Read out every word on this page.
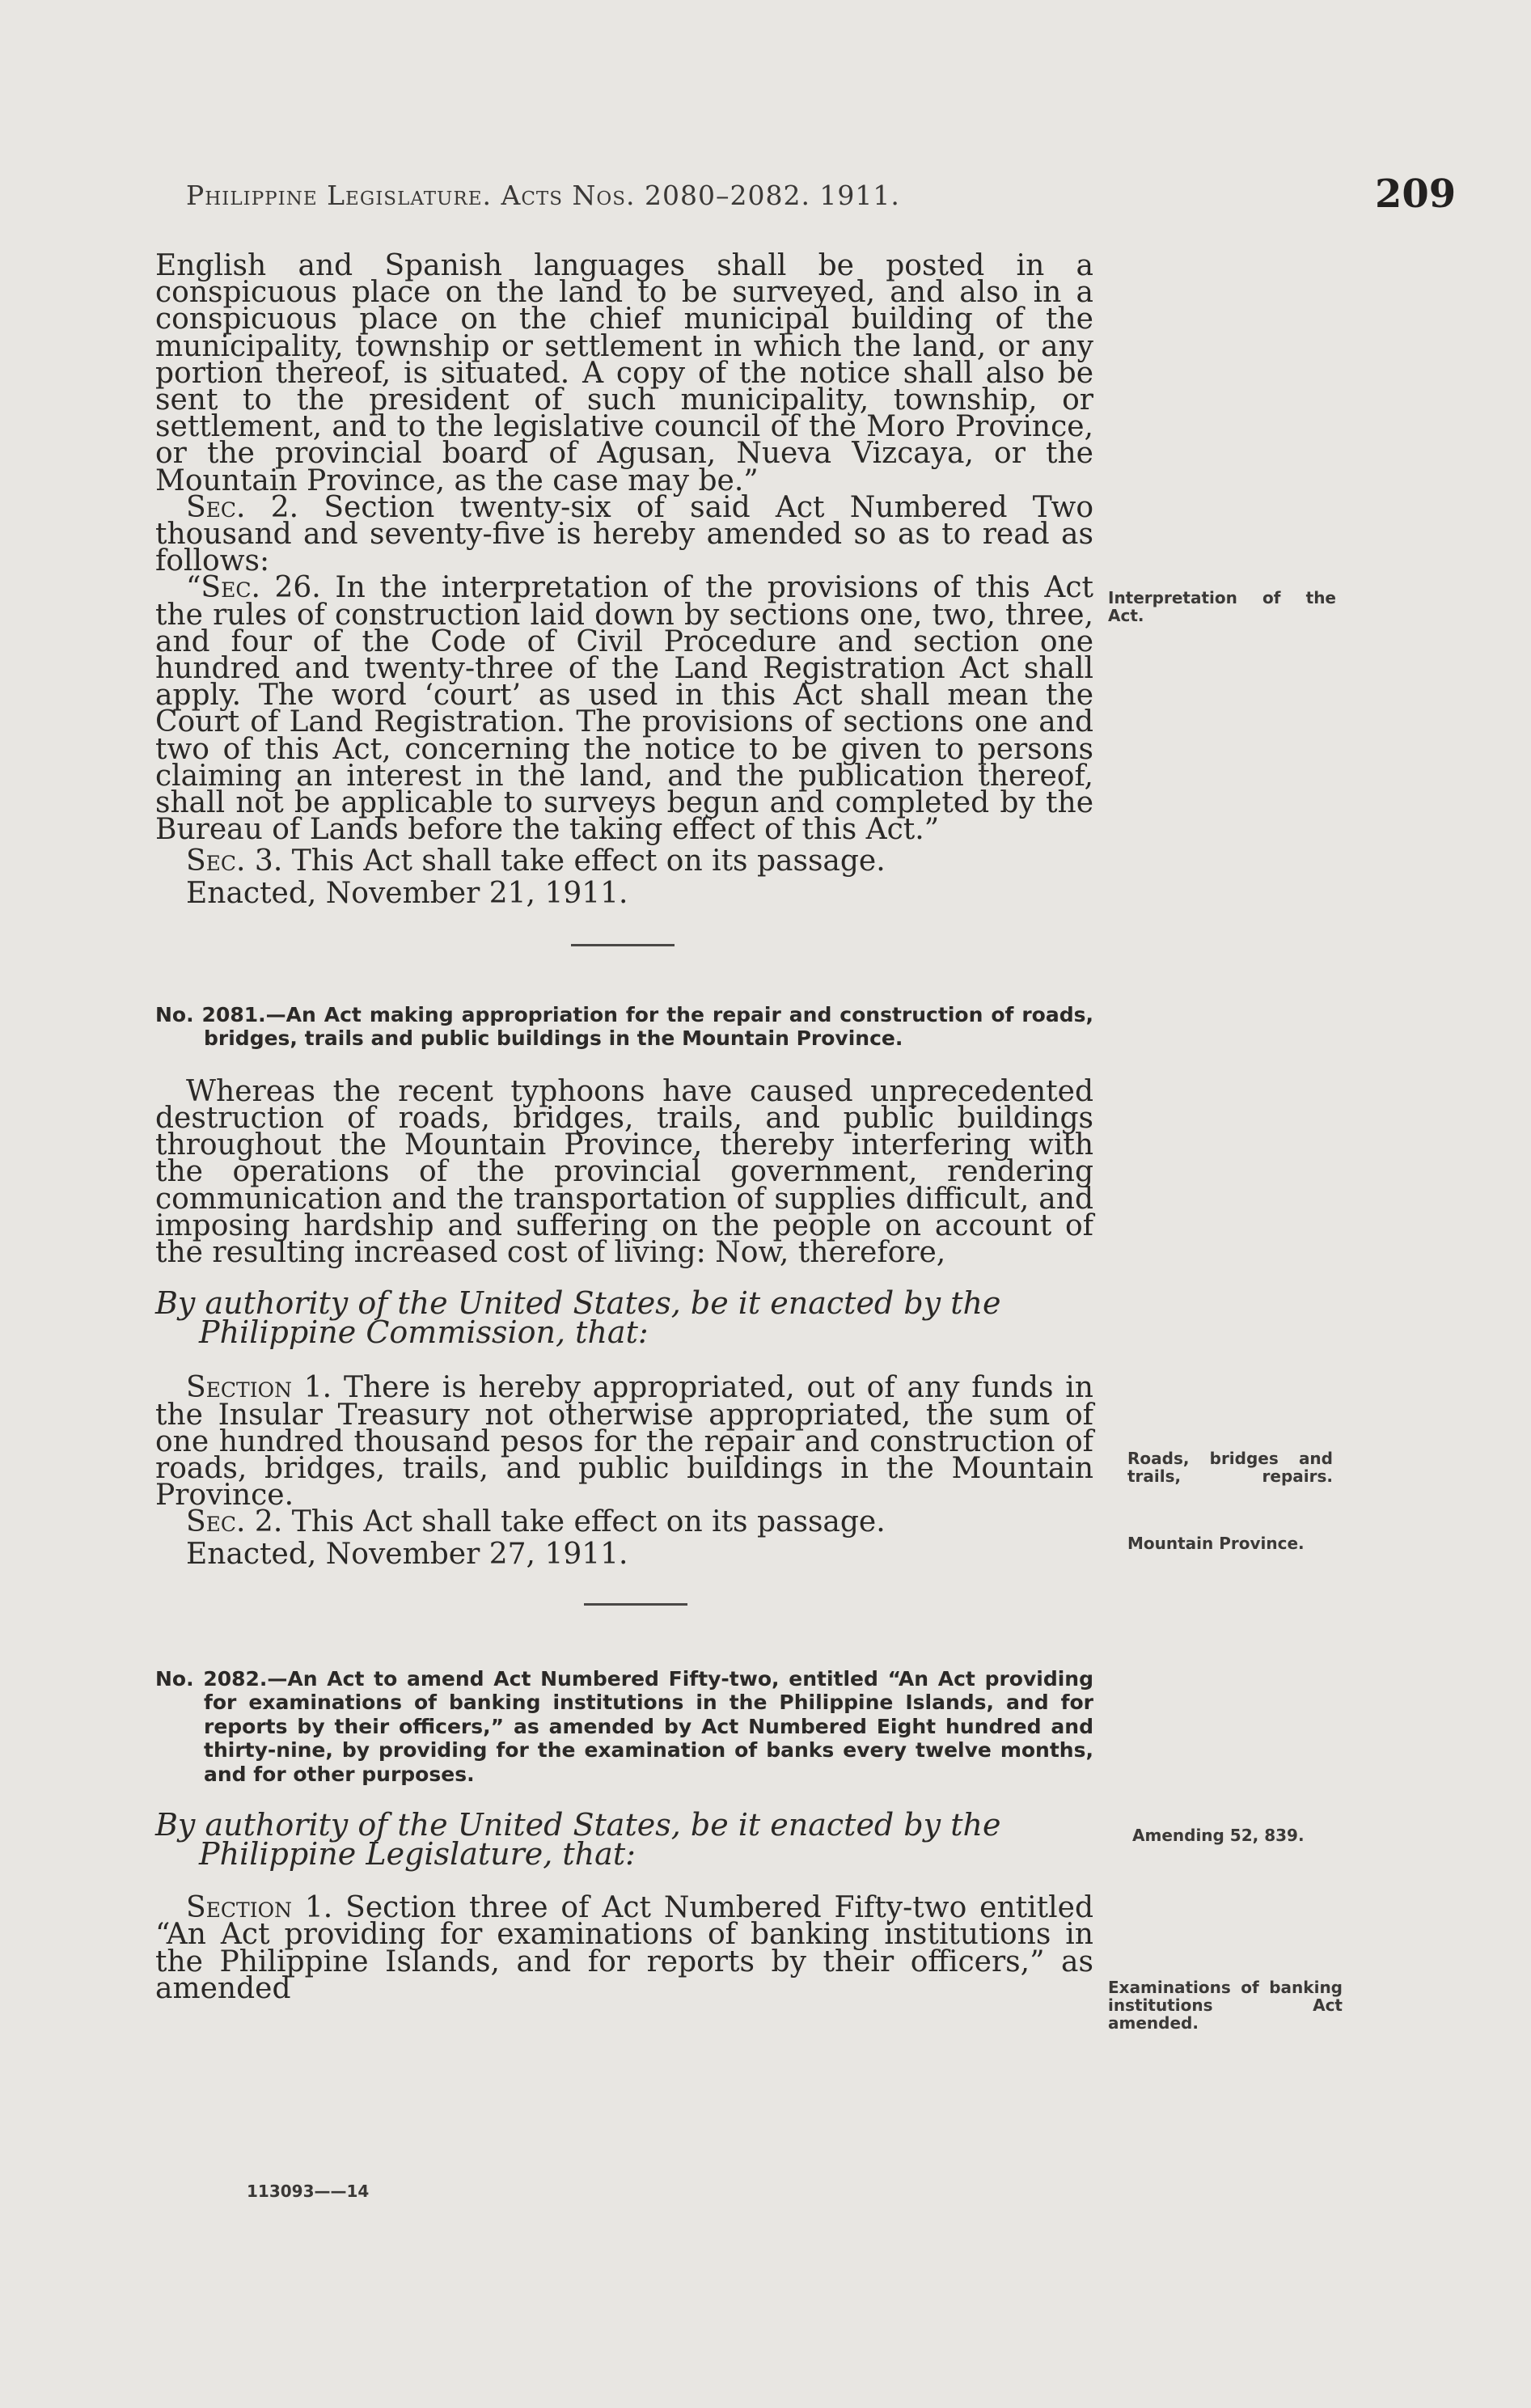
Philippine Legislature. Acts Nos. 2080–2082. 1911.	209

English and Spanish languages shall be posted in a conspicuous place on the land to be surveyed, and also in a conspicuous place on the chief municipal building of the municipality, township or settlement in which the land, or any portion thereof, is situated. A copy of the notice shall also be sent to the president of such municipality, township, or settlement, and to the legislative council of the Moro Province, or the provincial board of Agusan, Nueva Vizcaya, or the Mountain Province, as the case may be.”

Sec. 2. Section twenty-six of said Act Numbered Two thousand and seventy-five is hereby amended so as to read as follows:

“Sec. 26. In the interpretation of the provisions of this Act the rules of construction laid down by sections one, two, three, and four of the Code of Civil Procedure and section one hundred and twenty-three of the Land Registration Act shall apply. The word ‘court’ as used in this Act shall mean the Court of Land Registration. The provisions of sections one and two of this Act, concerning the notice to be given to persons claiming an interest in the land, and the publication thereof, shall not be applicable to surveys begun and completed by the Bureau of Lands before the taking effect of this Act.”

Sec. 3. This Act shall take effect on its passage.

Enacted, November 21, 1911.

No. 2081.—An Act making appropriation for the repair and construction of roads, bridges, trails and public buildings in the Mountain Province.

Whereas the recent typhoons have caused unprecedented destruction of roads, bridges, trails, and public buildings throughout the Mountain Province, thereby interfering with the operations of the provincial government, rendering communication and the transportation of supplies difficult, and imposing hardship and suffering on the people on account of the resulting increased cost of living: Now, therefore,

By authority of the United States, be it enacted by the Philippine Commission, that:

Section 1. There is hereby appropriated, out of any funds in the Insular Treasury not otherwise appropriated, the sum of one hundred thousand pesos for the repair and construction of roads, bridges, trails, and public buildings in the Mountain Province.

Sec. 2. This Act shall take effect on its passage.

Enacted, November 27, 1911.

No. 2082.—An Act to amend Act Numbered Fifty-two, entitled “An Act providing for examinations of banking institutions in the Philippine Islands, and for reports by their officers,” as amended by Act Numbered Eight hundred and thirty-nine, by providing for the examination of banks every twelve months, and for other purposes.

By authority of the United States, be it enacted by the Philippine Legislature, that:

Section 1. Section three of Act Numbered Fifty-two entitled “An Act providing for examinations of banking institutions in the Philippine Islands, and for reports by their officers,” as amended

113093——14
Interpretation of the Act.
Roads, bridges and trails, repairs.
Mountain Province.
Amending 52, 839.
Examinations of banking institutions Act amended.
